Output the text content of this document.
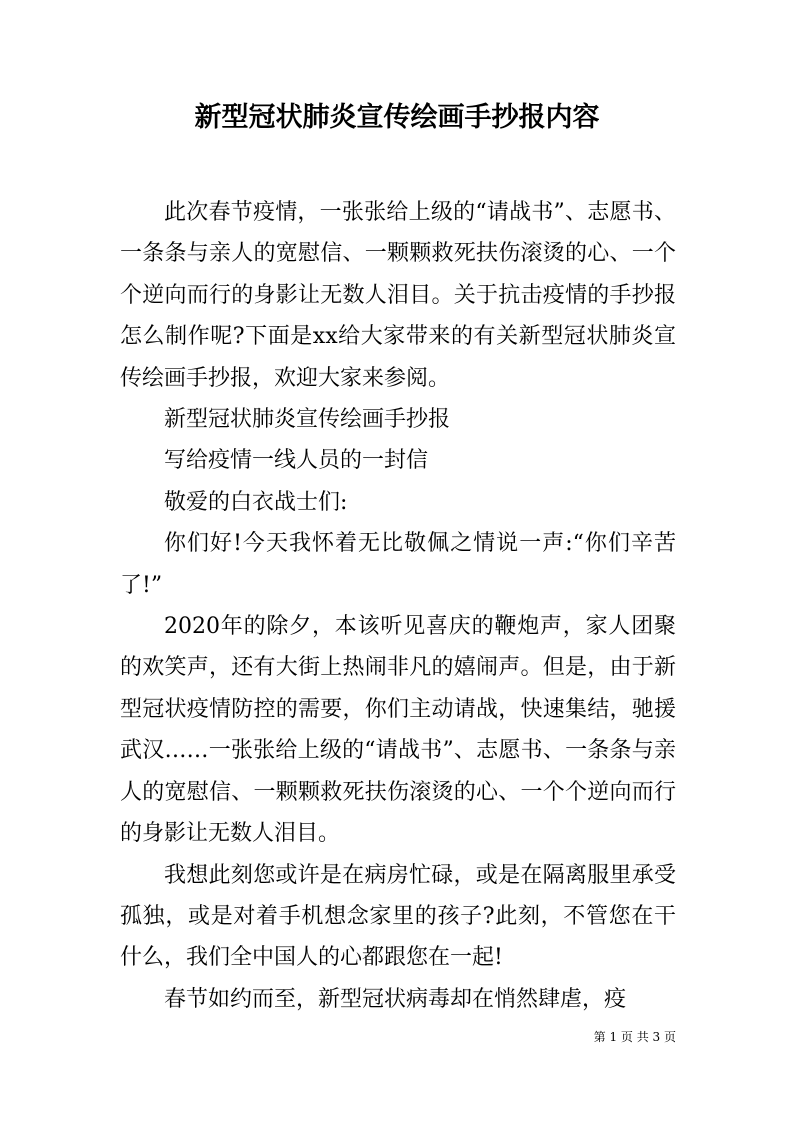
新型冠状肺炎宣传绘画手抄报内容

此次春节疫情，一张张给上级的“请战书”、志愿书、一条条与亲人的宽慰信、一颗颗救死扶伤滚烫的心、一个个逆向而行的身影让无数人泪目。关于抗击疫情的手抄报怎么制作呢?下面是xx给大家带来的有关新型冠状肺炎宣传绘画手抄报，欢迎大家来参阅。

新型冠状肺炎宣传绘画手抄报

写给疫情一线人员的一封信

敬爱的白衣战士们:

你们好!今天我怀着无比敬佩之情说一声:“你们辛苦了!”

2020年的除夕，本该听见喜庆的鞭炮声，家人团聚的欢笑声，还有大街上热闹非凡的嬉闹声。但是，由于新型冠状疫情防控的需要，你们主动请战，快速集结，驰援武汉……一张张给上级的“请战书”、志愿书、一条条与亲人的宽慰信、一颗颗救死扶伤滚烫的心、一个个逆向而行的身影让无数人泪目。

我想此刻您或许是在病房忙碌，或是在隔离服里承受孤独，或是对着手机想念家里的孩子?此刻，不管您在干什么，我们全中国人的心都跟您在一起!

春节如约而至，新型冠状病毒却在悄然肆虐，疫

第 1 页 共 3 页
